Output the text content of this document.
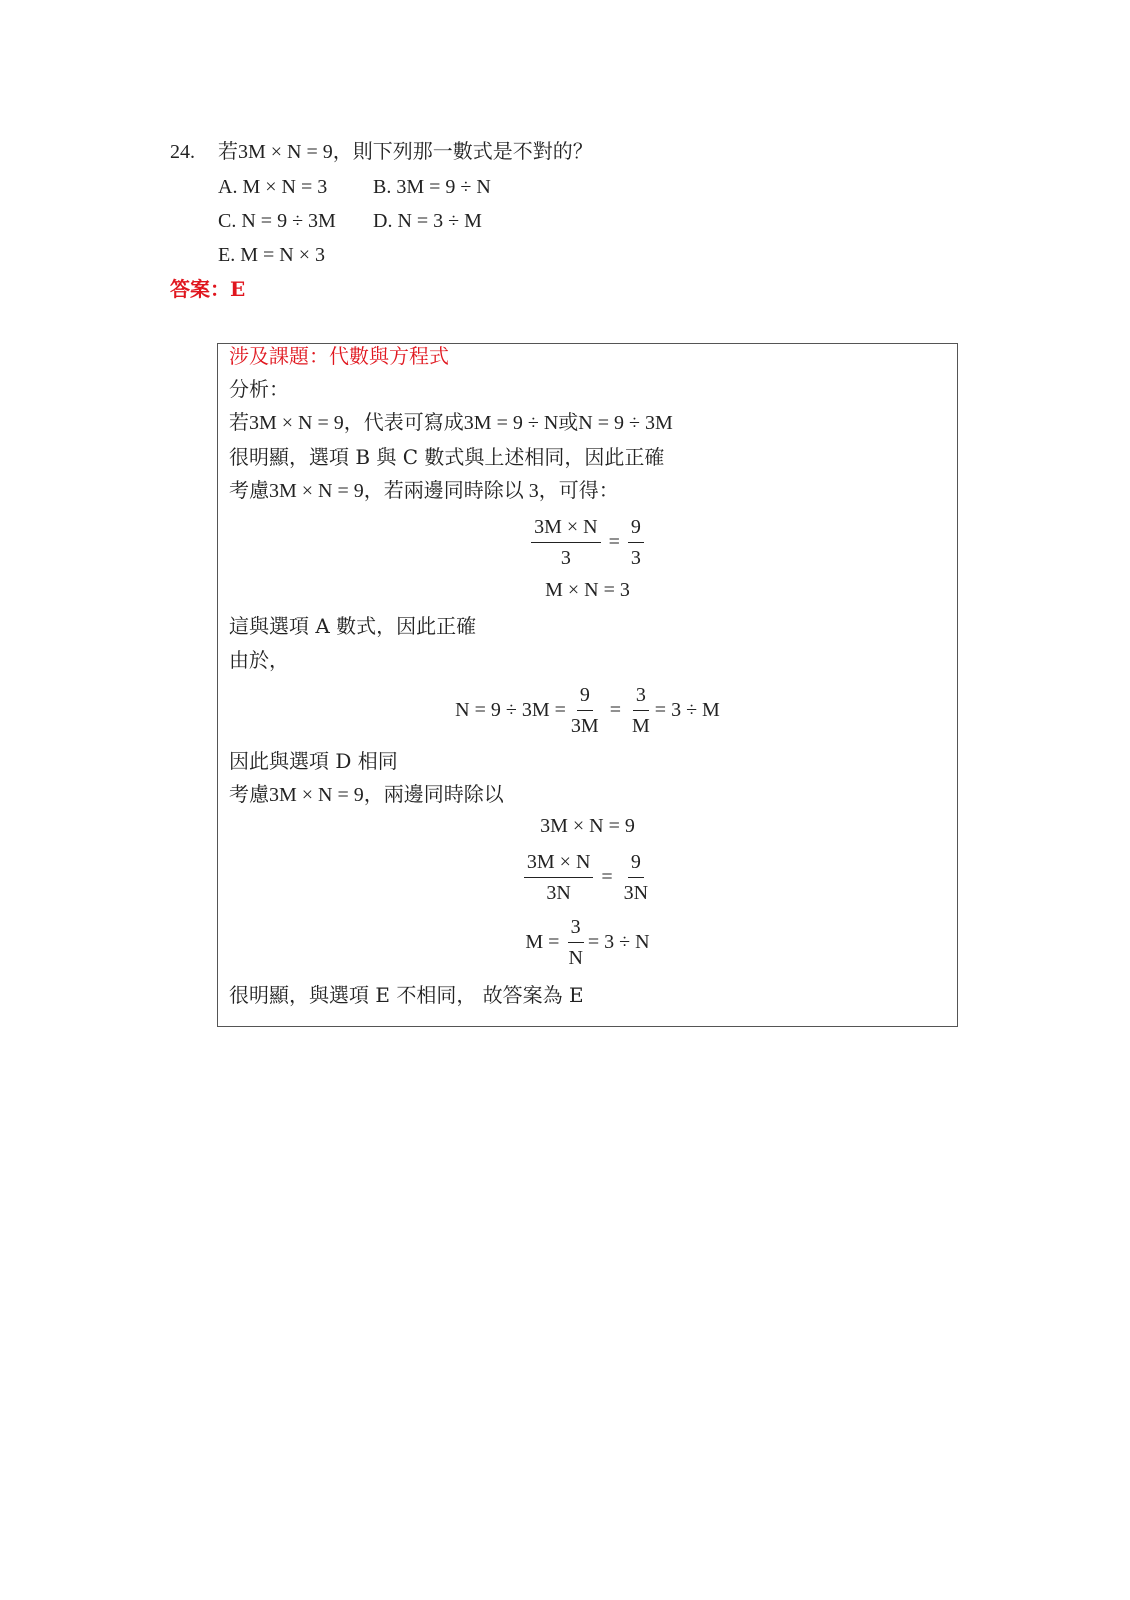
24. 若3M × N = 9，則下列那一數式是不對的？
A. M × N = 3 B. 3M = 9 ÷ N
C. N = 9 ÷ 3M D. N = 3 ÷ M
E. M = N × 3
答案：E
涉及課題：代數與方程式
分析：
若3M × N = 9，代表可寫成3M = 9 ÷ N或N = 9 ÷ 3M
很明顯，選項 B 與 C 數式與上述相同，因此正確
考慮3M × N = 9，若兩邊同時除以 3，可得：
$\frac{3M \times N}{3} = \frac{9}{3}$
M × N = 3
這與選項 A 數式，因此正確
由於，
$N = 9 \div 3M = \frac{9}{3M} = \frac{3}{M} = 3 \div M$
因此與選項 D 相同
考慮3M × N = 9，兩邊同時除以
3M × N = 9
$\frac{3M \times N}{3N} = \frac{9}{3N}$
$M = \frac{3}{N} = 3 \div N$
很明顯，與選項 E 不相同， 故答案為 E
